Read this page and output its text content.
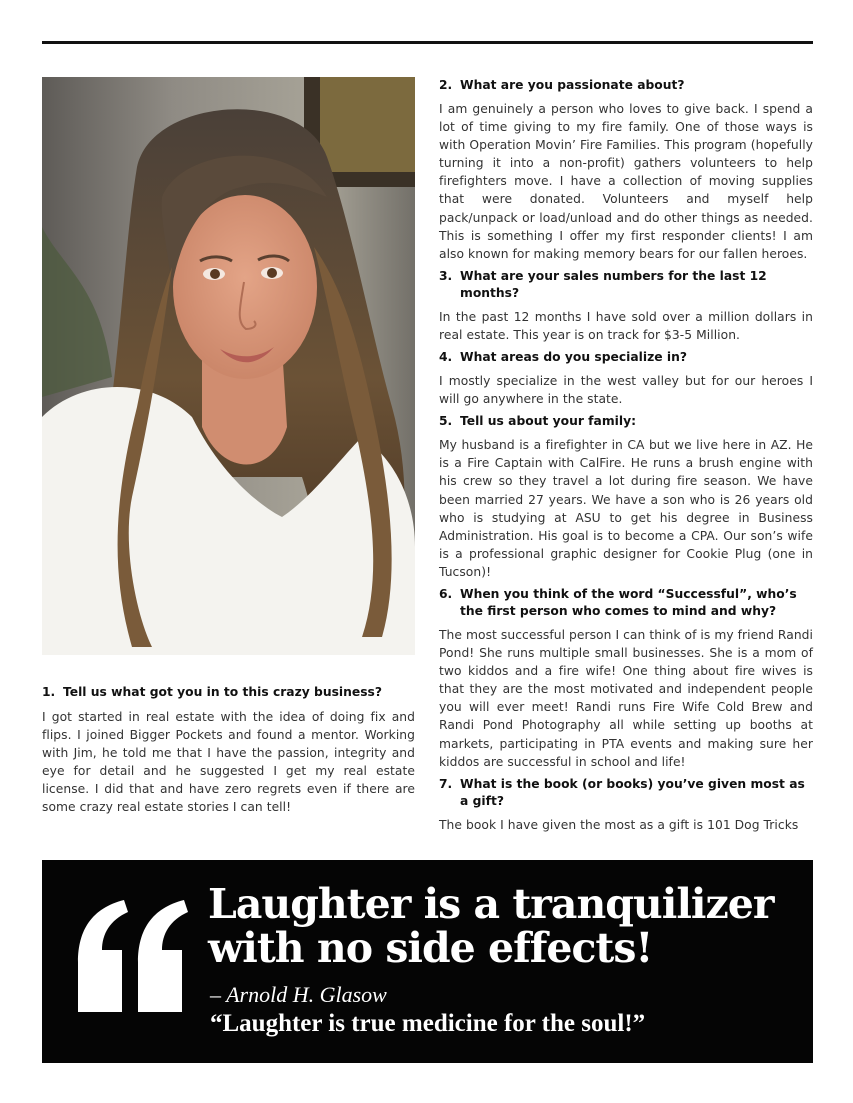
1. Tell us what got you in to this crazy business?

I got started in real estate with the idea of doing fix and flips. I joined Bigger Pockets and found a mentor. Working with Jim, he told me that I have the passion, integrity and eye for detail and he suggested I get my real estate license. I did that and have zero regrets even if there are some crazy real estate stories I can tell!

2. What are you passionate about?

I am genuinely a person who loves to give back. I spend a lot of time giving to my fire family. One of those ways is with Operation Movin’ Fire Families. This program (hopefully turning it into a non-profit) gathers volunteers to help firefighters move. I have a collection of moving supplies that were donated. Volunteers and myself help pack/unpack or load/unload and do other things as needed. This is something I offer my first responder clients! I am also known for making memory bears for our fallen heroes.

3. What are your sales numbers for the last 12 months?

In the past 12 months I have sold over a million dollars in real estate. This year is on track for $3-5 Million.

4. What areas do you specialize in?

I mostly specialize in the west valley but for our heroes I will go anywhere in the state.

5. Tell us about your family:

My husband is a firefighter in CA but we live here in AZ. He is a Fire Captain with CalFire. He runs a brush engine with his crew so they travel a lot during fire season. We have been married 27 years. We have a son who is 26 years old who is studying at ASU to get his degree in Business Administration. His goal is to become a CPA. Our son’s wife is a professional graphic designer for Cookie Plug (one in Tucson)!

6. When you think of the word “Successful”, who’s the first person who comes to mind and why?

The most successful person I can think of is my friend Randi Pond! She runs multiple small businesses. She is a mom of two kiddos and a fire wife! One thing about fire wives is that they are the most motivated and independent people you will ever meet! Randi runs Fire Wife Cold Brew and Randi Pond Photography all while setting up booths at markets, participating in PTA events and making sure her kiddos are successful in school and life!

7. What is the book (or books) you’ve given most as a gift?

The book I have given the most as a gift is 101 Dog Tricks

Laughter is a tranquilizer with no side effects!

– Arnold H. Glasow

“Laughter is true medicine for the soul!”
